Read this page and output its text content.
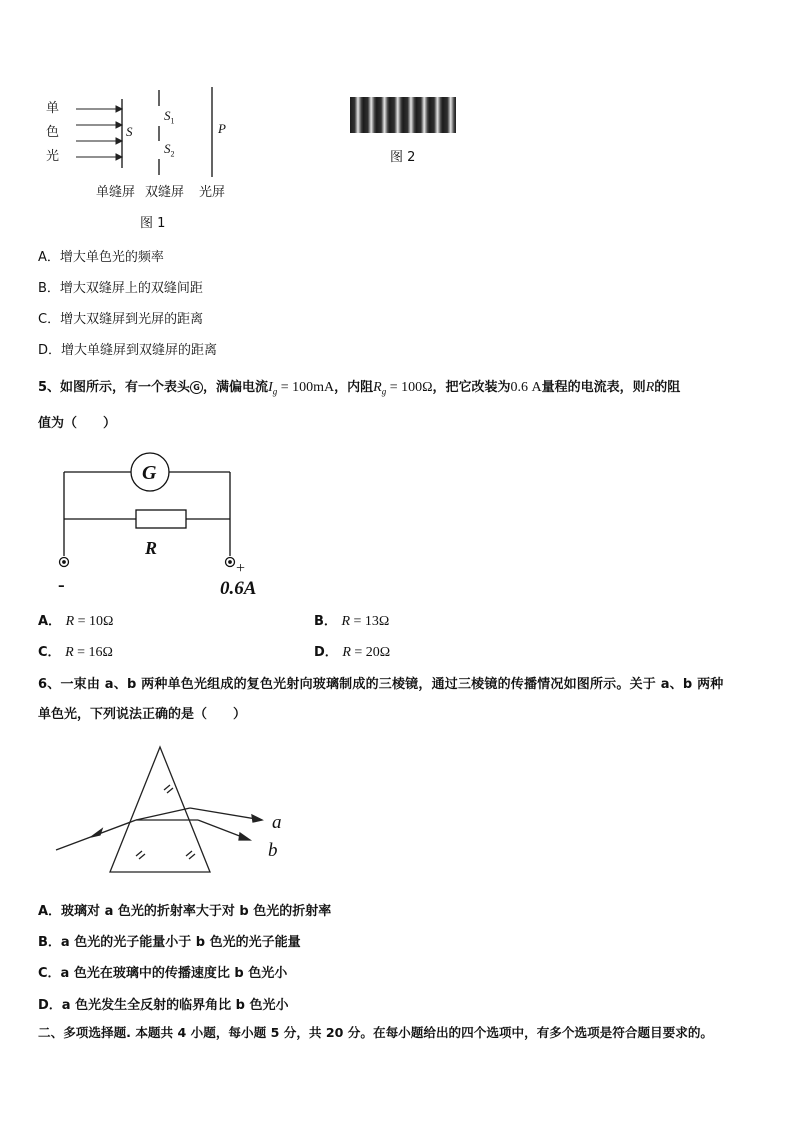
单
色
光
S
$S_1$
$S_2$
P
单缝屏 双缝屏 光屏
图 1
图 2
A．增大单色光的频率
B．增大双缝屏上的双缝间距
C．增大双缝屏到光屏的距离
D．增大单缝屏到双缝屏的距离
5、如图所示，有一个表头 G ，满偏电流$I_g = 100mA$，内阻$R_g = 100\Omega$，把它改装为0.6 A量程的电流表，则R的阻
值为（　　）
G
R
-
+
0.6A
A． R = 10Ω	B． R = 13Ω
C． R = 16Ω	D． R = 20Ω
6、一束由 a、b 两种单色光组成的复色光射向玻璃制成的三棱镜，通过三棱镜的传播情况如图所示。关于 a、b 两种
单色光，下列说法正确的是（　　）
a
b
A．玻璃对 a 色光的折射率大于对 b 色光的折射率
B．a 色光的光子能量小于 b 色光的光子能量
C．a 色光在玻璃中的传播速度比 b 色光小
D．a 色光发生全反射的临界角比 b 色光小
二、多项选择题. 本题共 4 小题，每小题 5 分，共 20 分。在每小题给出的四个选项中，有多个选项是符合题目要求的。
